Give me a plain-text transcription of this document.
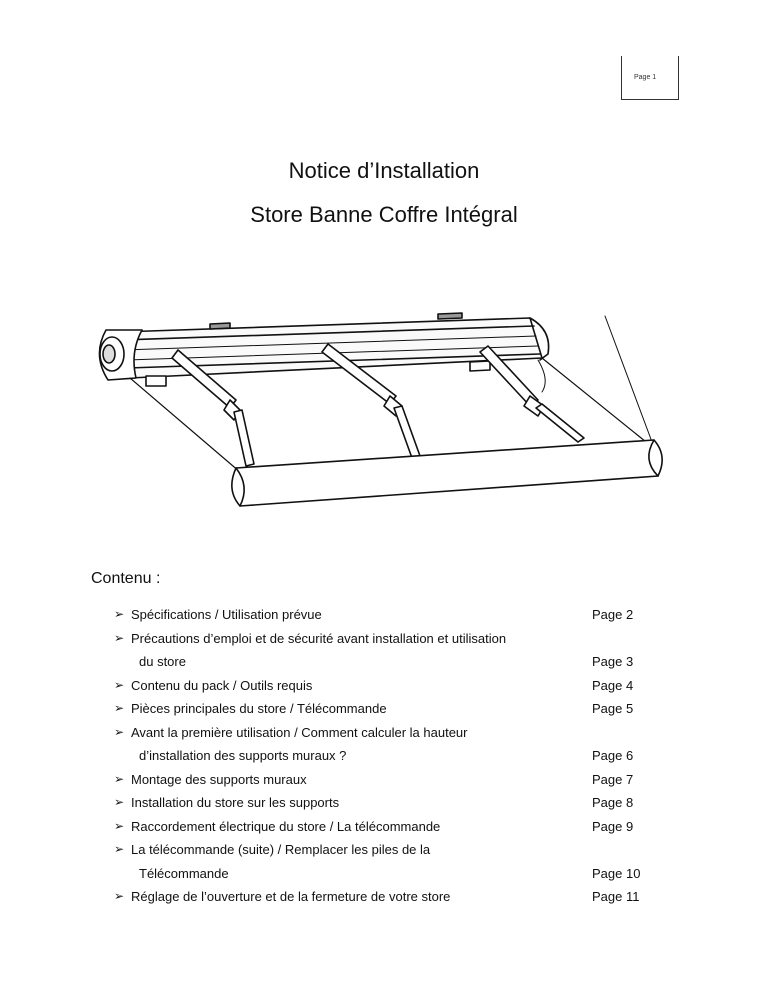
Page 1
Notice d’Installation
Store Banne Coffre Intégral
Contenu :
➢ Spécifications / Utilisation prévue	Page 2
➢ Précautions d’emploi et de sécurité avant installation et utilisation
du store	Page 3
➢ Contenu du pack / Outils requis	Page 4
➢ Pièces principales du store / Télécommande	Page 5
➢ Avant la première utilisation / Comment calculer la hauteur
d’installation des supports muraux ?	Page 6
➢ Montage des supports muraux	Page 7
➢ Installation du store sur les supports	Page 8
➢ Raccordement électrique du store / La télécommande	Page 9
➢ La télécommande (suite) / Remplacer les piles de la
Télécommande	Page 10
➢ Réglage de l’ouverture et de la fermeture de votre store	Page 11
